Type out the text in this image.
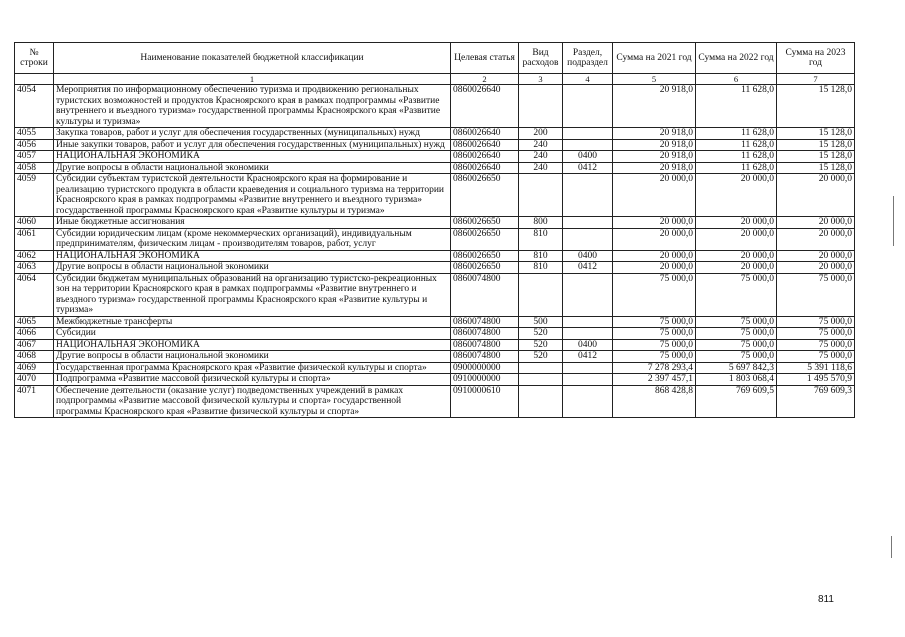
№ строки	Наименование показателей бюджетной классификации	Целевая статья	Вид расходов	Раздел, подраздел	Сумма на 2021 год	Сумма на 2022 год	Сумма на 2023 год
	1	2	3	4	5	6	7
4054	Мероприятия по информационному обеспечению туризма и продвижению региональных туристских возможностей и продуктов Красноярского края в рамках подпрограммы «Развитие внутреннего и въездного туризма» государственной программы Красноярского края «Развитие культуры и туризма»	0860026640			20 918,0	11 628,0	15 128,0
4055	Закупка товаров, работ и услуг для обеспечения государственных (муниципальных) нужд	0860026640	200		20 918,0	11 628,0	15 128,0
4056	Иные закупки товаров, работ и услуг для обеспечения государственных (муниципальных) нужд	0860026640	240		20 918,0	11 628,0	15 128,0
4057	НАЦИОНАЛЬНАЯ ЭКОНОМИКА	0860026640	240	0400	20 918,0	11 628,0	15 128,0
4058	Другие вопросы в области национальной экономики	0860026640	240	0412	20 918,0	11 628,0	15 128,0
4059	Субсидии субъектам туристской деятельности Красноярского края на формирование и реализацию туристского продукта в области краеведения и социального туризма на территории Красноярского края в рамках подпрограммы «Развитие внутреннего и въездного туризма» государственной программы Красноярского края «Развитие культуры и туризма»	0860026650			20 000,0	20 000,0	20 000,0
4060	Иные бюджетные ассигнования	0860026650	800		20 000,0	20 000,0	20 000,0
4061	Субсидии юридическим лицам (кроме некоммерческих организаций), индивидуальным предпринимателям, физическим лицам - производителям товаров, работ, услуг	0860026650	810		20 000,0	20 000,0	20 000,0
4062	НАЦИОНАЛЬНАЯ ЭКОНОМИКА	0860026650	810	0400	20 000,0	20 000,0	20 000,0
4063	Другие вопросы в области национальной экономики	0860026650	810	0412	20 000,0	20 000,0	20 000,0
4064	Субсидии бюджетам муниципальных образований на организацию туристско-рекреационных зон на территории Красноярского края в рамках подпрограммы «Развитие внутреннего и въездного туризма» государственной программы Красноярского края «Развитие культуры и туризма»	0860074800			75 000,0	75 000,0	75 000,0
4065	Межбюджетные трансферты	0860074800	500		75 000,0	75 000,0	75 000,0
4066	Субсидии	0860074800	520		75 000,0	75 000,0	75 000,0
4067	НАЦИОНАЛЬНАЯ ЭКОНОМИКА	0860074800	520	0400	75 000,0	75 000,0	75 000,0
4068	Другие вопросы в области национальной экономики	0860074800	520	0412	75 000,0	75 000,0	75 000,0
4069	Государственная программа Красноярского края «Развитие физической культуры и спорта»	0900000000			7 278 293,4	5 697 842,3	5 391 118,6
4070	Подпрограмма «Развитие массовой физической культуры и спорта»	0910000000			2 397 457,1	1 803 068,4	1 495 570,9
4071	Обеспечение деятельности (оказание услуг) подведомственных учреждений в рамках подпрограммы «Развитие массовой физической культуры и спорта» государственной программы Красноярского края «Развитие физической культуры и спорта»	0910000610			868 428,8	769 609,5	769 609,3
811
